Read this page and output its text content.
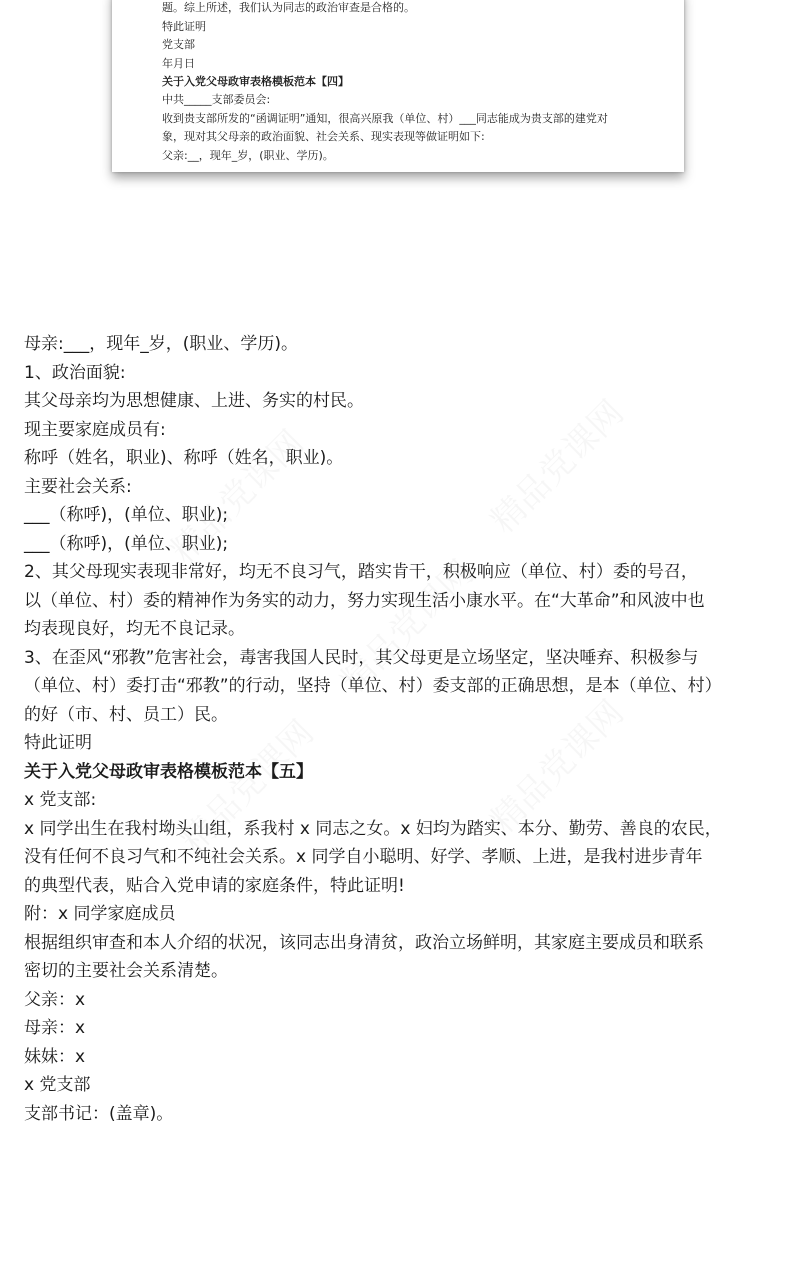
题。综上所述，我们认为同志的政治审查是合格的。
特此证明
党支部
年月日
关于入党父母政审表格模板范本【四】
中共_____支部委员会:
收到贵支部所发的“函调证明”通知，很高兴原我（单位、村）___同志能成为贵支部的建党对
象，现对其父母亲的政治面貌、社会关系、现实表现等做证明如下:
父亲:__，现年_岁，(职业、学历)。
母亲:___，现年_岁，(职业、学历)。
1、政治面貌:
其父母亲均为思想健康、上进、务实的村民。
现主要家庭成员有:
称呼（姓名，职业)、称呼（姓名，职业)。
主要社会关系:
___（称呼)，(单位、职业);
___（称呼)，(单位、职业);
2、其父母现实表现非常好，均无不良习气，踏实肯干，积极响应（单位、村）委的号召，
以（单位、村）委的精神作为务实的动力，努力实现生活小康水平。在“大革命”和风波中也
均表现良好，均无不良记录。
3、在歪风“邪教”危害社会，毒害我国人民时，其父母更是立场坚定，坚决唾弃、积极参与
（单位、村）委打击“邪教”的行动，坚持（单位、村）委支部的正确思想，是本（单位、村）
的好（市、村、员工）民。
特此证明
关于入党父母政审表格模板范本【五】
x 党支部:
x 同学出生在我村坳头山组，系我村 x 同志之女。x 妇均为踏实、本分、勤劳、善良的农民，
没有任何不良习气和不纯社会关系。x 同学自小聪明、好学、孝顺、上进，是我村进步青年
的典型代表，贴合入党申请的家庭条件，特此证明!
附：x 同学家庭成员
根据组织审查和本人介绍的状况，该同志出身清贫，政治立场鲜明，其家庭主要成员和联系
密切的主要社会关系清楚。
父亲：x
母亲：x
妹妹：x
x 党支部
支部书记：(盖章)。
